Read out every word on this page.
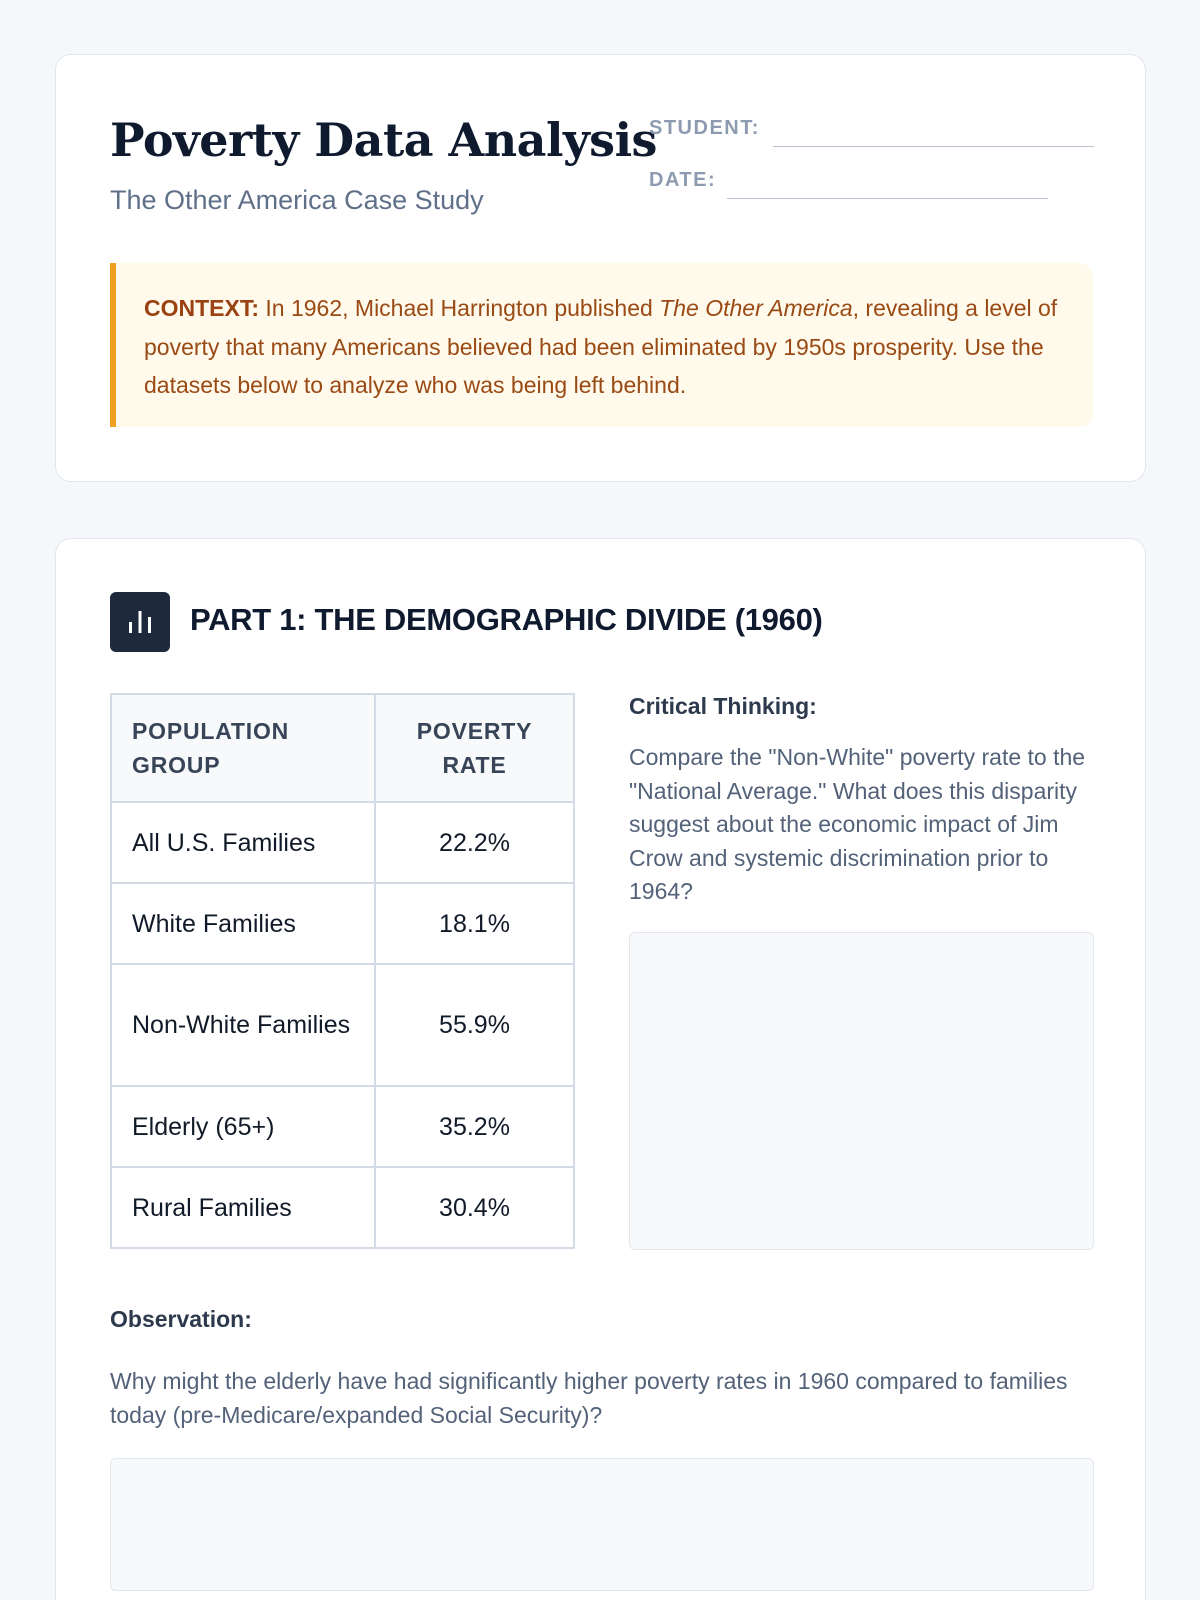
Poverty Data Analysis
The Other America Case Study
STUDENT:
DATE:
CONTEXT: In 1962, Michael Harrington published The Other America, revealing a level of poverty that many Americans believed had been eliminated by 1950s prosperity. Use the datasets below to analyze who was being left behind.
PART 1: THE DEMOGRAPHIC DIVIDE (1960)
POPULATION GROUP	POVERTY RATE
All U.S. Families	22.2%
White Families	18.1%
Non-White Families	55.9%
Elderly (65+)	35.2%
Rural Families	30.4%
Critical Thinking:

Compare the "Non-White" poverty rate to the "National Average." What does this disparity suggest about the economic impact of Jim Crow and systemic discrimination prior to 1964?

Observation:

Why might the elderly have had significantly higher poverty rates in 1960 compared to families today (pre-Medicare/expanded Social Security)?
